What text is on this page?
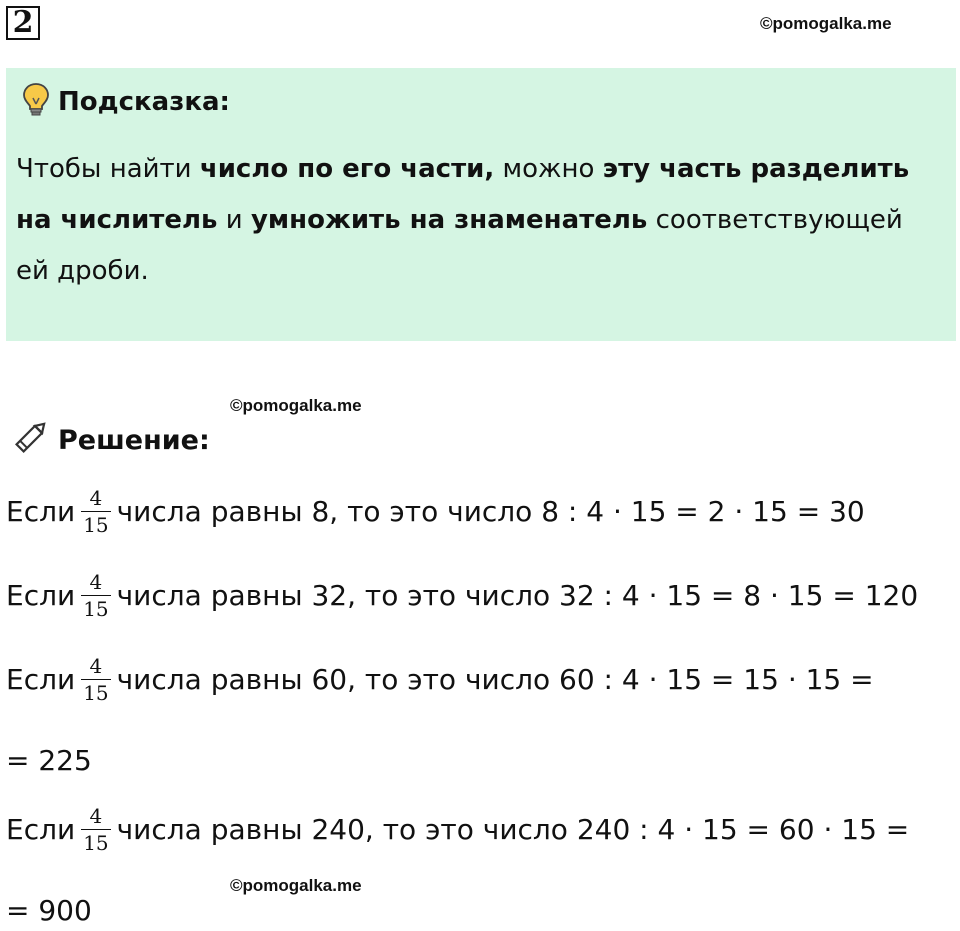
2	©pomogalka.me
Подсказка:
Чтобы найти число по его части, можно эту часть разделить на числитель и умножить на знаменатель соответствующей ей дроби.
©pomogalka.me
Решение:
Если $\frac{4}{15}$ числа равны 8, то это число 8 : 4 · 15 = 2 · 15 = 30
Если $\frac{4}{15}$ числа равны 32, то это число 32 : 4 · 15 = 8 · 15 = 120
Если $\frac{4}{15}$ числа равны 60, то это число 60 : 4 · 15 = 15 · 15 =
= 225
Если $\frac{4}{15}$ числа равны 240, то это число 240 : 4 · 15 = 60 · 15 =
©pomogalka.me
= 900
